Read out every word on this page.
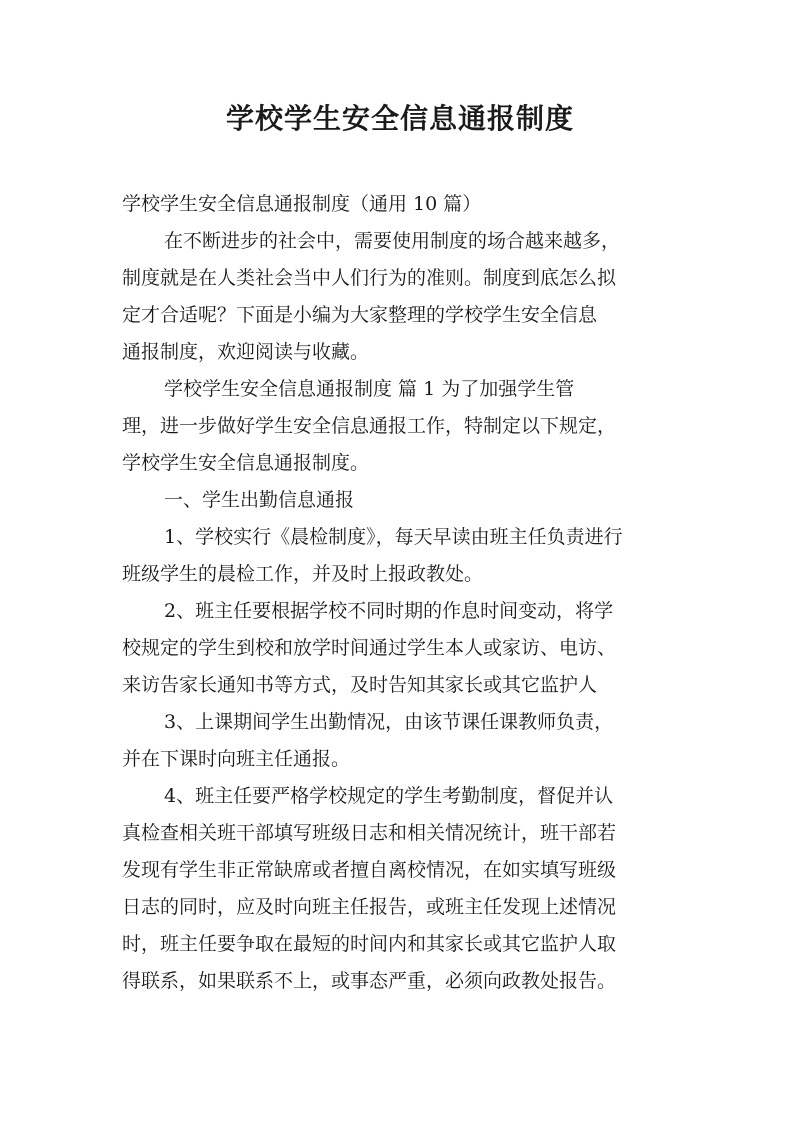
学校学生安全信息通报制度
学校学生安全信息通报制度（通用 10 篇）
在不断进步的社会中，需要使用制度的场合越来越多，
制度就是在人类社会当中人们行为的准则。制度到底怎么拟
定才合适呢？下面是小编为大家整理的学校学生安全信息
通报制度，欢迎阅读与收藏。
学校学生安全信息通报制度 篇 1 为了加强学生管
理，进一步做好学生安全信息通报工作，特制定以下规定，
学校学生安全信息通报制度。
一、学生出勤信息通报
1、学校实行《晨检制度》，每天早读由班主任负责进行
班级学生的晨检工作，并及时上报政教处。
2、班主任要根据学校不同时期的作息时间变动，将学
校规定的学生到校和放学时间通过学生本人或家访、电访、
来访告家长通知书等方式，及时告知其家长或其它监护人
3、上课期间学生出勤情况，由该节课任课教师负责，
并在下课时向班主任通报。
4、班主任要严格学校规定的学生考勤制度，督促并认
真检查相关班干部填写班级日志和相关情况统计，班干部若
发现有学生非正常缺席或者擅自离校情况，在如实填写班级
日志的同时，应及时向班主任报告，或班主任发现上述情况
时，班主任要争取在最短的时间内和其家长或其它监护人取
得联系，如果联系不上，或事态严重，必须向政教处报告。
